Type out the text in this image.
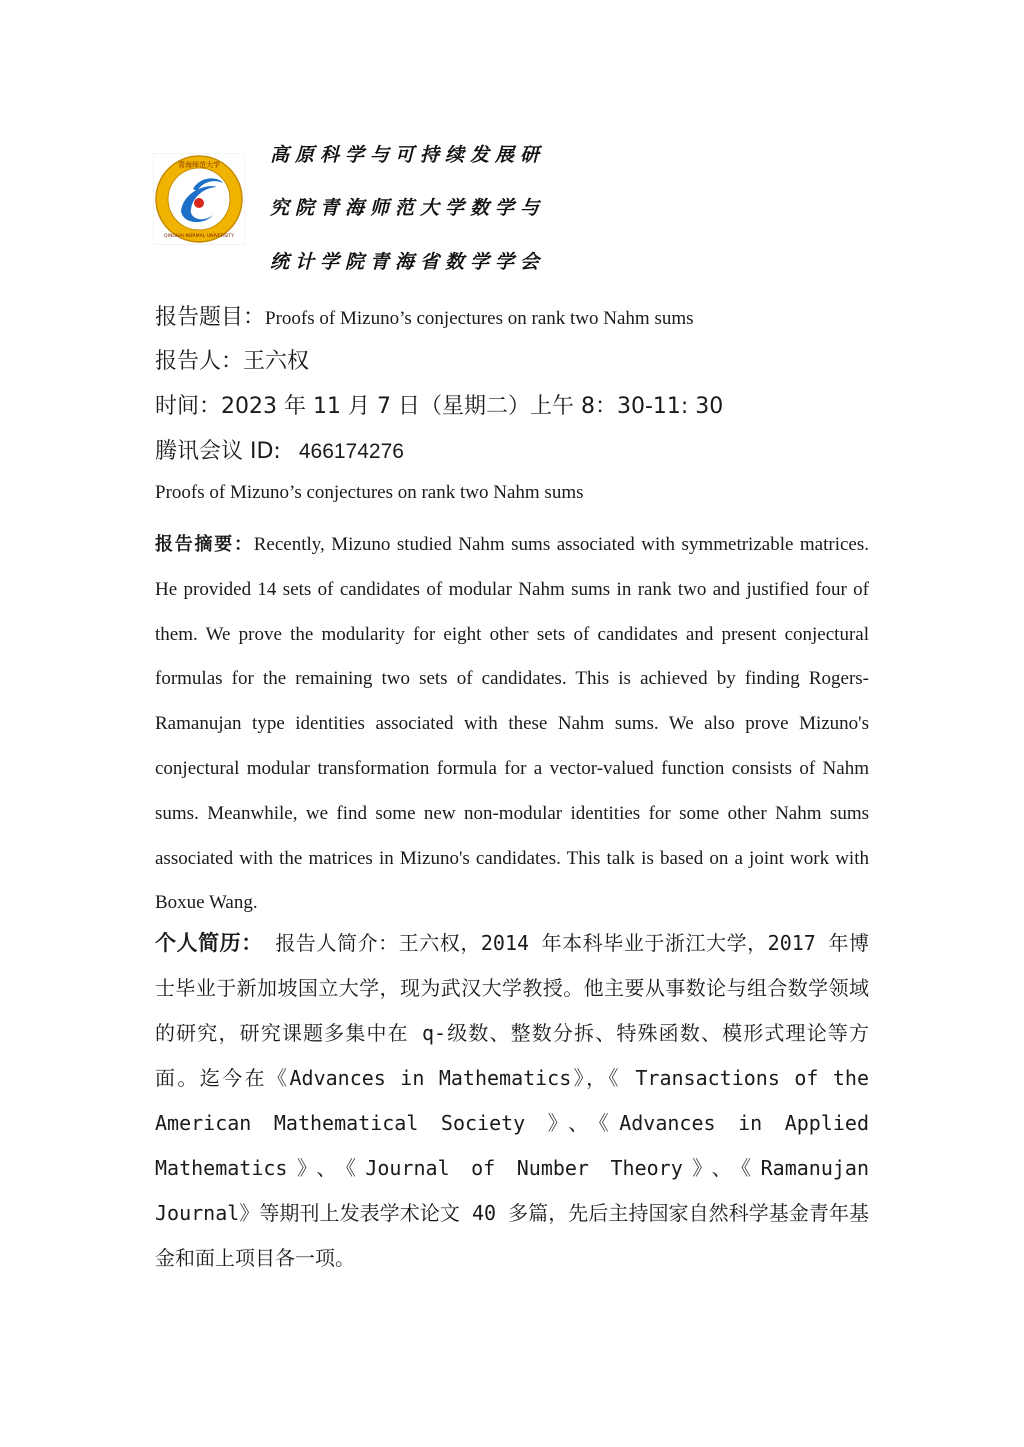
青海师范大学
QINGHAI NORMAL UNIVERSITY
高原科学与可持续发展研
究院青海师范大学数学与
统计学院青海省数学学会
报告题目：Proofs of Mizuno’s conjectures on rank two Nahm sums
报告人：王六权
时间：2023 年 11 月 7 日（星期二）上午 8：30-11: 30
腾讯会议 ID: 466174276
Proofs of Mizuno’s conjectures on rank two Nahm sums
报告摘要：Recently, Mizuno studied Nahm sums associated with symmetrizable matrices. He provided 14 sets of candidates of modular Nahm sums in rank two and justified four of them. We prove the modularity for eight other sets of candidates and present conjectural formulas for the remaining two sets of candidates. This is achieved by finding Rogers-Ramanujan type identities associated with these Nahm sums. We also prove Mizuno's conjectural modular transformation formula for a vector-valued function consists of Nahm sums. Meanwhile, we find some new non-modular identities for some other Nahm sums associated with the matrices in Mizuno's candidates. This talk is based on a joint work with Boxue Wang.
个人简历： 报告人简介：王六权，2014 年本科毕业于浙江大学，2017 年博士毕业于新加坡国立大学，现为武汉大学教授。他主要从事数论与组合数学领域的研究，研究课题多集中在 q-级数、整数分拆、特殊函数、模形式理论等方面。迄今在《Advances in Mathematics》，《 Transactions of the American Mathematical Society 》、《Advances in Applied Mathematics》、《Journal of Number Theory》、《Ramanujan Journal》等期刊上发表学术论文 40 多篇，先后主持国家自然科学基金青年基金和面上项目各一项。
